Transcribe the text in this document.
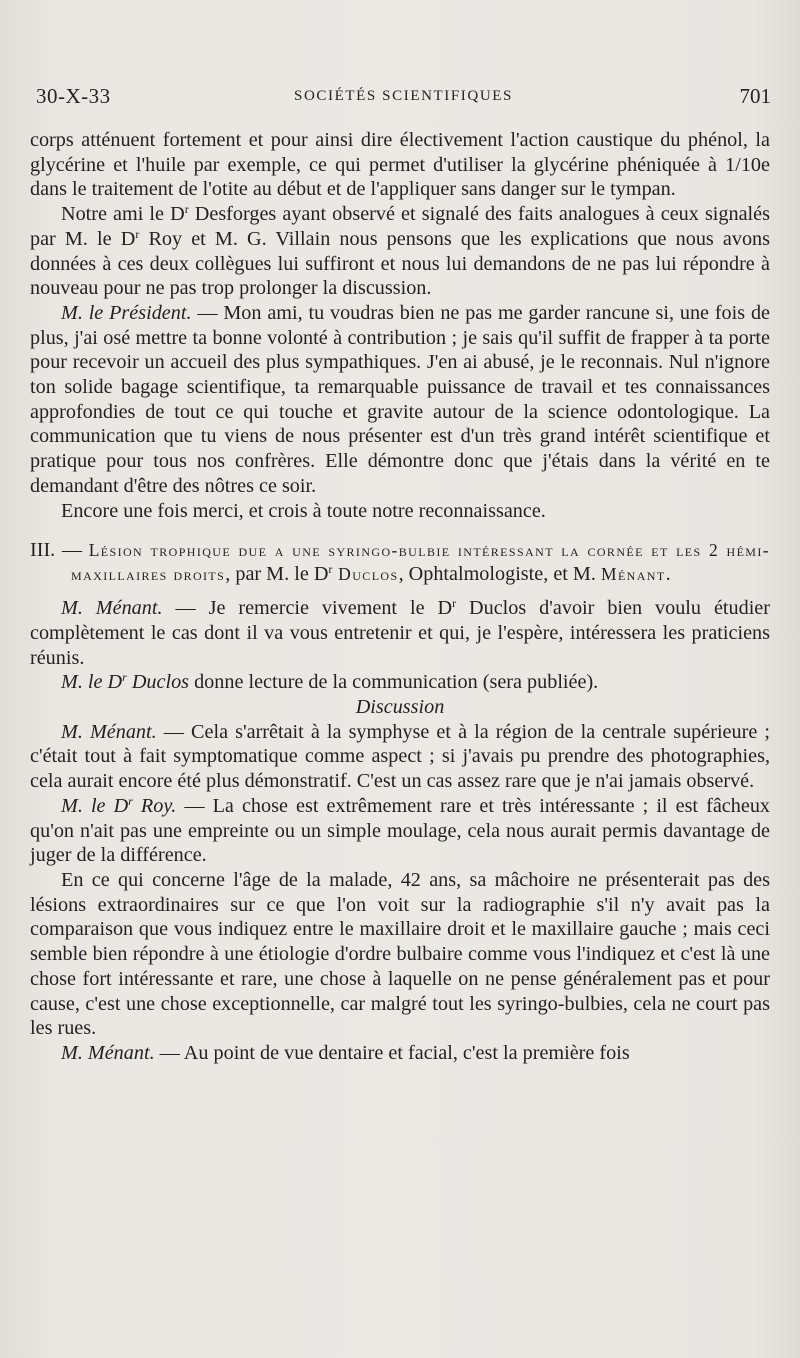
30-X-33	SOCIÉTÉS SCIENTIFIQUES	701

corps atténuent fortement et pour ainsi dire électivement l'action caustique du phénol, la glycérine et l'huile par exemple, ce qui permet d'utiliser la glycérine phéniquée à 1/10e dans le traitement de l'otite au début et de l'appliquer sans danger sur le tympan.

Notre ami le $D^r$ Desforges ayant observé et signalé des faits analogues à ceux signalés par M. le $D^r$ Roy et M. G. Villain nous pensons que les explications que nous avons données à ces deux collègues lui suffiront et nous lui demandons de ne pas lui répondre à nouveau pour ne pas trop prolonger la discussion.

M. le Président. — Mon ami, tu voudras bien ne pas me garder rancune si, une fois de plus, j'ai osé mettre ta bonne volonté à contribution ; je sais qu'il suffit de frapper à ta porte pour recevoir un accueil des plus sympathiques. J'en ai abusé, je le reconnais. Nul n'ignore ton solide bagage scientifique, ta remarquable puissance de travail et tes connaissances approfondies de tout ce qui touche et gravite autour de la science odontologique. La communication que tu viens de nous présenter est d'un très grand intérêt scientifique et pratique pour tous nos confrères. Elle démontre donc que j'étais dans la vérité en te demandant d'être des nôtres ce soir.

Encore une fois merci, et crois à toute notre reconnaissance.

III. — Lésion trophique due a une syringo-bulbie intéressant la cornée et les 2 hémi-maxillaires droits, par M. le $D^r$ Duclos, Ophtalmologiste, et M. Ménant.

M. Ménant. — Je remercie vivement le $D^r$ Duclos d'avoir bien voulu étudier complètement le cas dont il va vous entretenir et qui, je l'espère, intéressera les praticiens réunis.

M. le $D^r$ Duclos donne lecture de la communication (sera publiée).

Discussion

M. Ménant. — Cela s'arrêtait à la symphyse et à la région de la centrale supérieure ; c'était tout à fait symptomatique comme aspect ; si j'avais pu prendre des photographies, cela aurait encore été plus démonstratif. C'est un cas assez rare que je n'ai jamais observé.

M. le $D^r$ Roy. — La chose est extrêmement rare et très intéressante ; il est fâcheux qu'on n'ait pas une empreinte ou un simple moulage, cela nous aurait permis davantage de juger de la différence.

En ce qui concerne l'âge de la malade, 42 ans, sa mâchoire ne présenterait pas des lésions extraordinaires sur ce que l'on voit sur la radiographie s'il n'y avait pas la comparaison que vous indiquez entre le maxillaire droit et le maxillaire gauche ; mais ceci semble bien répondre à une étiologie d'ordre bulbaire comme vous l'indiquez et c'est là une chose fort intéressante et rare, une chose à laquelle on ne pense généralement pas et pour cause, c'est une chose exceptionnelle, car malgré tout les syringo-bulbies, cela ne court pas les rues.

M. Ménant. — Au point de vue dentaire et facial, c'est la première fois
